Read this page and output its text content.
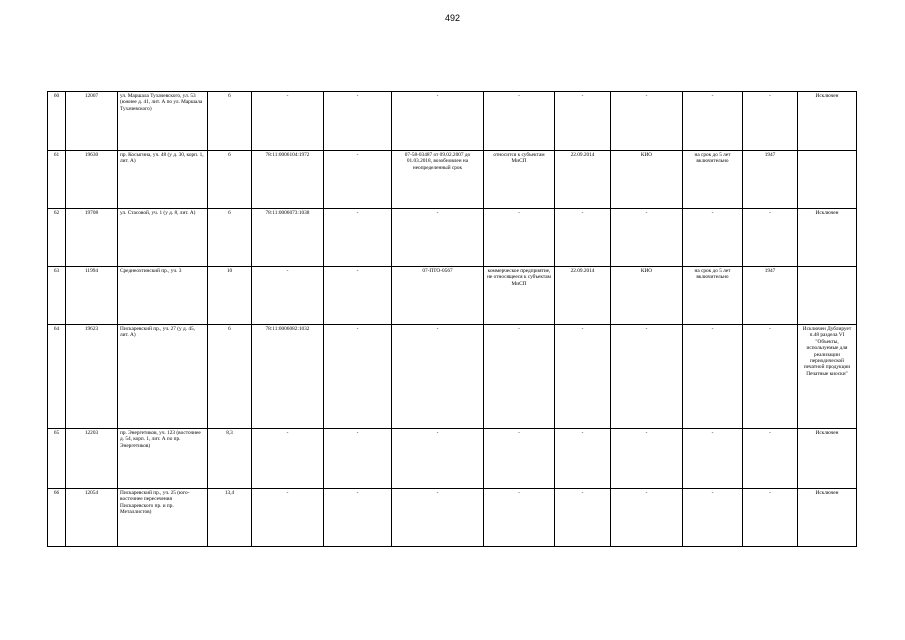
492
60	12007	ул. Маршала Тухачевского, ул. 53 (южнее д. 41, лит. А по ул. Маршала Тухачевского)	6	-	-	-	-	-	-	-	-	Исключен
61	19630	пр. Косыгина, уч. 48 (у д. 30, корп. 1, лит. А)	6	78:11:0006104:1972	-	07-58-03487 от 09.02.2007 до 01.03.2018, возобновлен на неопределенный срок	относится к субъектам МиСП	22.09.2014	КИО	на срок до 5 лет включительно	1947	
62	19708	ул. Стасовой, уч. 1 (у д. 8, лит. А)	6	78:11:0006073:1038	-	-	-	-	-	-	-	Исключен
63	11994	Среднеохтинский пр., уч. 3	10	-	-	07-ПТО-0567	коммерческое предприятие, не относящееся к субъектам МиСП	22.09.2014	КИО	на срок до 5 лет включительно	1947	
64	19623	Пискаревский пр., уч. 27 (у д. 45, лит. А)	6	78:11:0006082:1032	-	-	-	-	-	-	-	Исключен Дублирует п.48 раздела VI "Объекты, используемые для реализации периодической печатной продукции Печатные киоски"
65	12203	пр. Энергетиков, уч. 123 (восточнее д. 54, корп. 1, лит. А по пр. Энергетиков)	8,3	-	-	-	-	-	-	-	-	Исключен
66	12054	Пискаревский пр., уч. 25 (юго-восточнее пересечения Пискаревского пр. и пр. Металлистов)	13,4	-	-	-	-	-	-	-	-	Исключен
